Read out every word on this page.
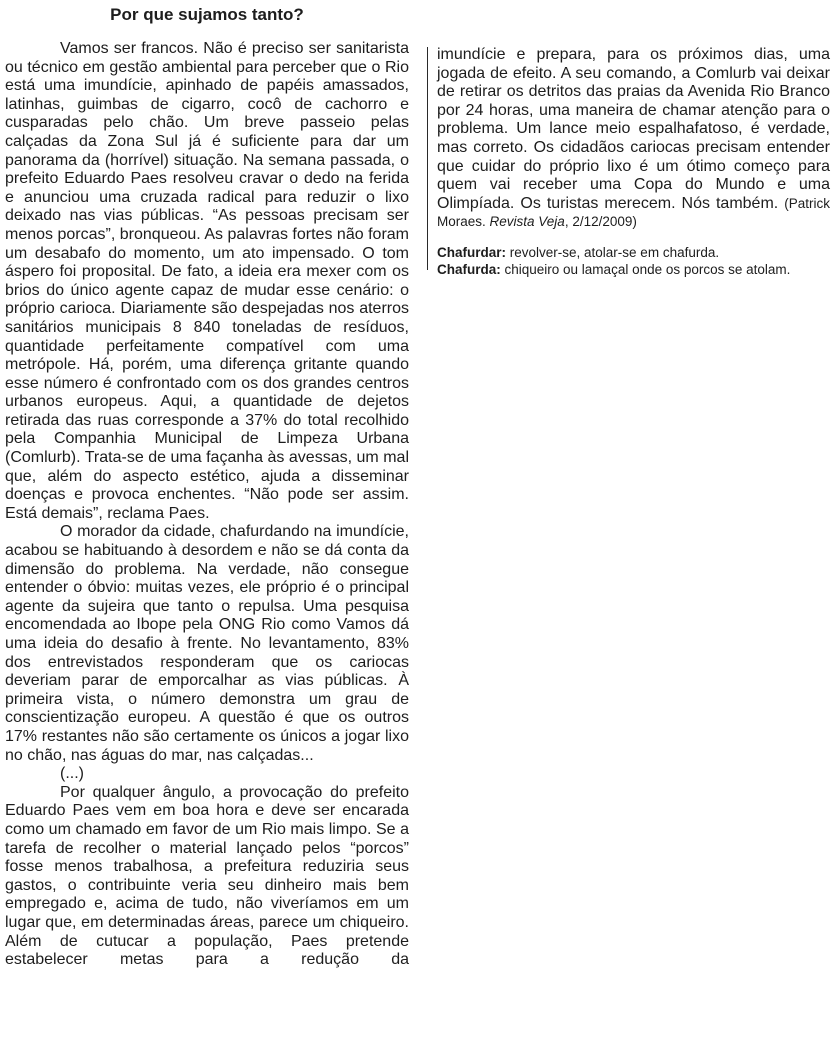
Por que sujamos tanto?

Vamos ser francos. Não é preciso ser sanitarista ou técnico em gestão ambiental para perceber que o Rio está uma imundície, apinhado de papéis amassados, latinhas, guimbas de cigarro, cocô de cachorro e cusparadas pelo chão. Um breve passeio pelas calçadas da Zona Sul já é suficiente para dar um panorama da (horrível) situação. Na semana passada, o prefeito Eduardo Paes resolveu cravar o dedo na ferida e anunciou uma cruzada radical para reduzir o lixo deixado nas vias públicas. “As pessoas precisam ser menos porcas”, bronqueou. As palavras fortes não foram um desabafo do momento, um ato impensado. O tom áspero foi proposital. De fato, a ideia era mexer com os brios do único agente capaz de mudar esse cenário: o próprio carioca. Diariamente são despejadas nos aterros sanitários municipais 8 840 toneladas de resíduos, quantidade perfeitamente compatível com uma metrópole. Há, porém, uma diferença gritante quando esse número é confrontado com os dos grandes centros urbanos europeus. Aqui, a quantidade de dejetos retirada das ruas corresponde a 37% do total recolhido pela Companhia Municipal de Limpeza Urbana (Comlurb). Trata-se de uma façanha às avessas, um mal que, além do aspecto estético, ajuda a disseminar doenças e provoca enchentes. “Não pode ser assim. Está demais”, reclama Paes.

O morador da cidade, chafurdando na imundície, acabou se habituando à desordem e não se dá conta da dimensão do problema. Na verdade, não consegue entender o óbvio: muitas vezes, ele próprio é o principal agente da sujeira que tanto o repulsa. Uma pesquisa encomendada ao Ibope pela ONG Rio como Vamos dá uma ideia do desafio à frente. No levantamento, 83% dos entrevistados responderam que os cariocas deveriam parar de emporcalhar as vias públicas. À primeira vista, o número demonstra um grau de conscientização europeu. A questão é que os outros 17% restantes não são certamente os únicos a jogar lixo no chão, nas águas do mar, nas calçadas...

(...)

Por qualquer ângulo, a provocação do prefeito Eduardo Paes vem em boa hora e deve ser encarada como um chamado em favor de um Rio mais limpo. Se a tarefa de recolher o material lançado pelos “porcos” fosse menos trabalhosa, a prefeitura reduziria seus gastos, o contribuinte veria seu dinheiro mais bem empregado e, acima de tudo, não viveríamos em um lugar que, em determinadas áreas, parece um chiqueiro. Além de cutucar a população, Paes pretende estabelecer metas para a redução da

imundície e prepara, para os próximos dias, uma jogada de efeito. A seu comando, a Comlurb vai deixar de retirar os detritos das praias da Avenida Rio Branco por 24 horas, uma maneira de chamar atenção para o problema. Um lance meio espalhafatoso, é verdade, mas correto. Os cidadãos cariocas precisam entender que cuidar do próprio lixo é um ótimo começo para quem vai receber uma Copa do Mundo e uma Olimpíada. Os turistas merecem. Nós também. (Patrick Moraes. Revista Veja, 2/12/2009)

Chafurdar: revolver-se, atolar-se em chafurda.

Chafurda: chiqueiro ou lamaçal onde os porcos se atolam.
